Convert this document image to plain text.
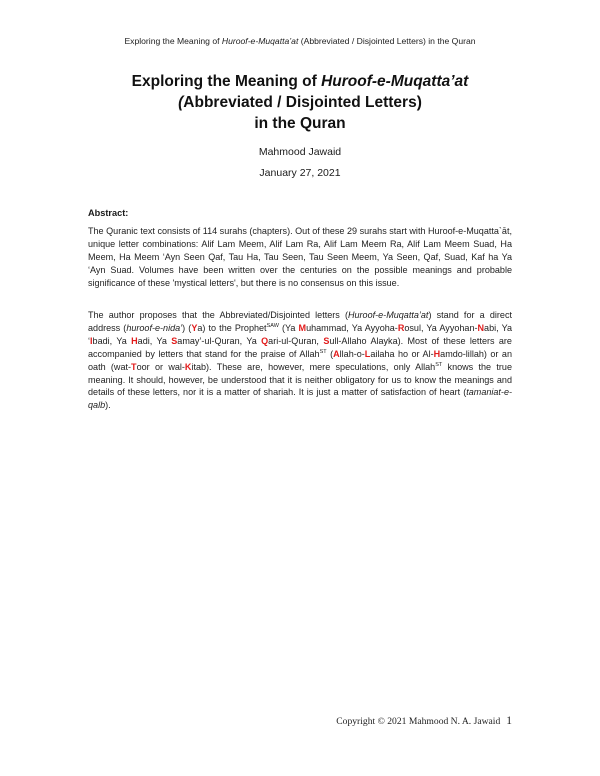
Exploring the Meaning of Huroof-e-Muqatta’at (Abbreviated / Disjointed Letters) in the Quran
Exploring the Meaning of Huroof-e-Muqatta’at
(Abbreviated / Disjointed Letters)
in the Quran
Mahmood Jawaid
January 27, 2021
Abstract:

The Quranic text consists of 114 surahs (chapters). Out of these 29 surahs start with Huroof-e-Muqatta`āt, unique letter combinations: Alif Lam Meem, Alif Lam Ra, Alif Lam Meem Ra, Alif Lam Meem Suad, Ha Meem, Ha Meem ‘Ayn Seen Qaf, Tau Ha, Tau Seen, Tau Seen Meem, Ya Seen, Qaf, Suad, Kaf ha Ya ‘Ayn Suad. Volumes have been written over the centuries on the possible meanings and probable significance of these 'mystical letters', but there is no consensus on this issue.

The author proposes that the Abbreviated/Disjointed letters (Huroof-e-Muqatta’at) stand for a direct address (huroof-e-nida’) (Ya) to the Prophet$^{SAW}$ (Ya Muhammad, Ya Ayyoha-Rosul, Ya Ayyohan-Nabi, Ya ‘Ibadi, Ya Hadi, Ya Samay’-ul-Quran, Ya Qari-ul-Quran, Sull-Allaho Alayka). Most of these letters are accompanied by letters that stand for the praise of Allah$^{ST}$ (Allah-o-Lailaha ho or Al-Hamdo-lillah) or an oath (wat-Toor or wal-Kitab). These are, however, mere speculations, only Allah$^{ST}$ knows the true meaning. It should, however, be understood that it is neither obligatory for us to know the meanings and details of these letters, nor it is a matter of shariah. It is just a matter of satisfaction of heart (tamaniat-e-qalb).

Copyright © 2021 Mahmood N. A. Jawaid 1
